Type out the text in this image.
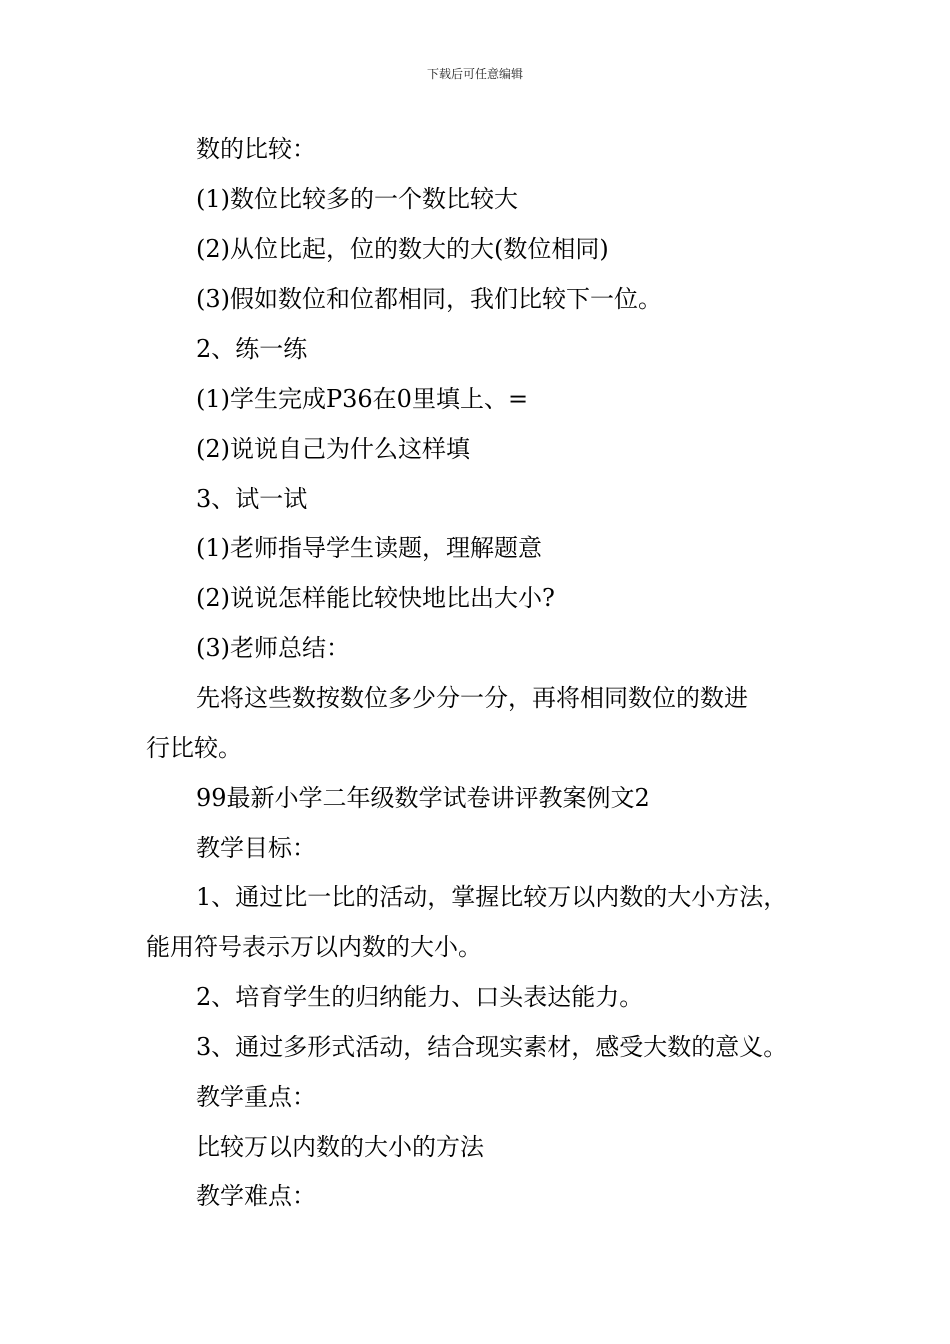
下载后可任意编辑
数的比较：
(1)数位比较多的一个数比较大
(2)从位比起，位的数大的大(数位相同)
(3)假如数位和位都相同，我们比较下一位。
2、练一练
(1)学生完成P36在0里填上、=
(2)说说自己为什么这样填
3、试一试
(1)老师指导学生读题，理解题意
(2)说说怎样能比较快地比出大小?
(3)老师总结：
先将这些数按数位多少分一分，再将相同数位的数进
行比较。
99最新小学二年级数学试卷讲评教案例文2
教学目标：
1、通过比一比的活动，掌握比较万以内数的大小方法，
能用符号表示万以内数的大小。
2、培育学生的归纳能力、口头表达能力。
3、通过多形式活动，结合现实素材，感受大数的意义。
教学重点：
比较万以内数的大小的方法
教学难点：
